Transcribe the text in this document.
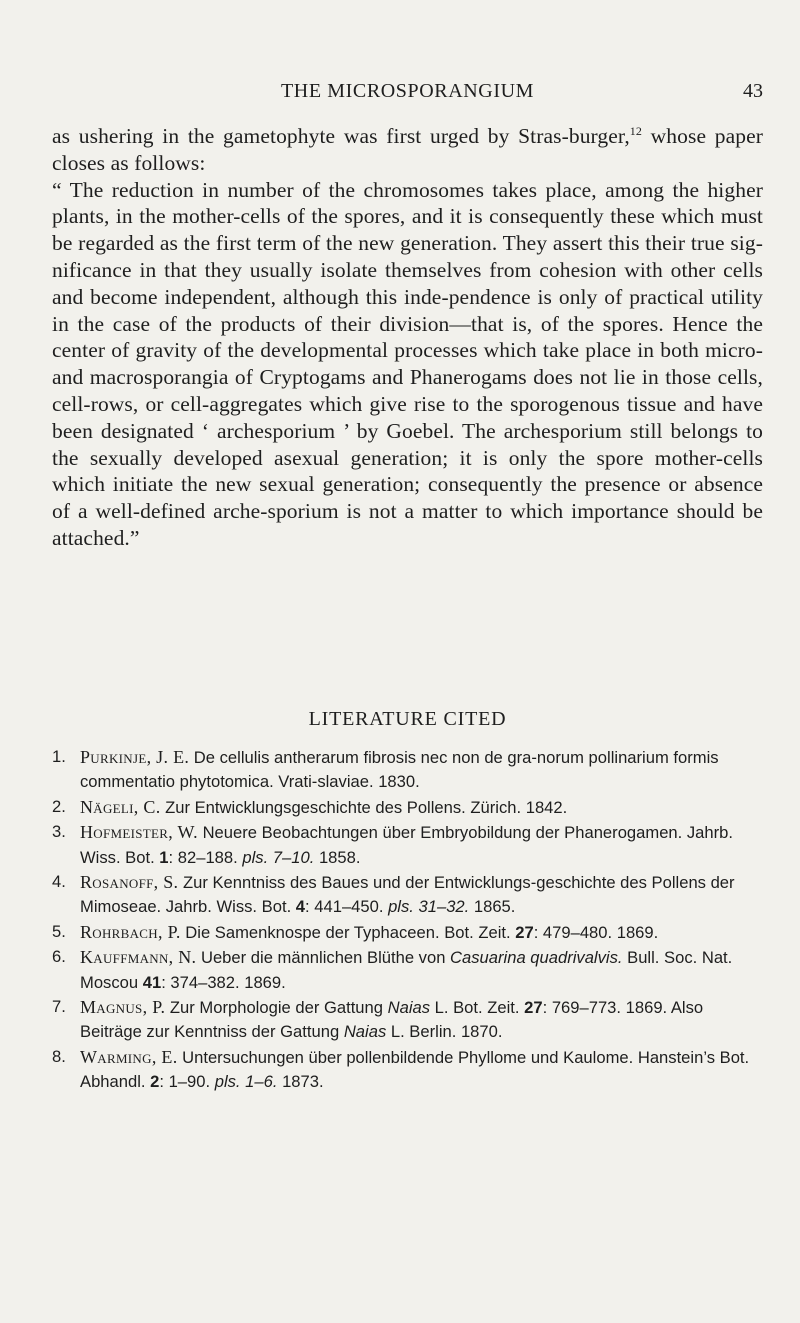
THE MICROSPORANGIUM	43

as ushering in the gametophyte was first urged by Stras-burger,$^{12}$ whose paper closes as follows:

“ The reduction in number of the chromosomes takes place, among the higher plants, in the mother-cells of the spores, and it is consequently these which must be regarded as the first term of the new generation. They assert this their true sig-nificance in that they usually isolate themselves from cohesion with other cells and become independent, although this inde-pendence is only of practical utility in the case of the products of their division—that is, of the spores. Hence the center of gravity of the developmental processes which take place in both micro- and macrosporangia of Cryptogams and Phanerogams does not lie in those cells, cell-rows, or cell-aggregates which give rise to the sporogenous tissue and have been designated ‘ archesporium ’ by Goebel. The archesporium still belongs to the sexually developed asexual generation; it is only the spore mother-cells which initiate the new sexual generation; consequently the presence or absence of a well-defined arche-sporium is not a matter to which importance should be attached.”

LITERATURE CITED
1. Purkinje, J. E. De cellulis antherarum fibrosis nec non de gra-norum pollinarium formis commentatio phytotomica. Vrati-slaviae. 1830.
2. Nägeli, C. Zur Entwicklungsgeschichte des Pollens. Zürich. 1842.
3. Hofmeister, W. Neuere Beobachtungen über Embryobildung der Phanerogamen. Jahrb. Wiss. Bot. 1: 82–188. pls. 7–10. 1858.
4. Rosanoff, S. Zur Kenntniss des Baues und der Entwicklungs-geschichte des Pollens der Mimoseae. Jahrb. Wiss. Bot. 4: 441–450. pls. 31–32. 1865.
5. Rohrbach, P. Die Samenknospe der Typhaceen. Bot. Zeit. 27: 479–480. 1869.
6. Kauffmann, N. Ueber die männlichen Blüthe von Casuarina quadrivalvis. Bull. Soc. Nat. Moscou 41: 374–382. 1869.
7. Magnus, P. Zur Morphologie der Gattung Naias L. Bot. Zeit. 27: 769–773. 1869. Also Beiträge zur Kenntniss der Gattung Naias L. Berlin. 1870.
8. Warming, E. Untersuchungen über pollenbildende Phyllome und Kaulome. Hanstein’s Bot. Abhandl. 2: 1–90. pls. 1–6. 1873.
